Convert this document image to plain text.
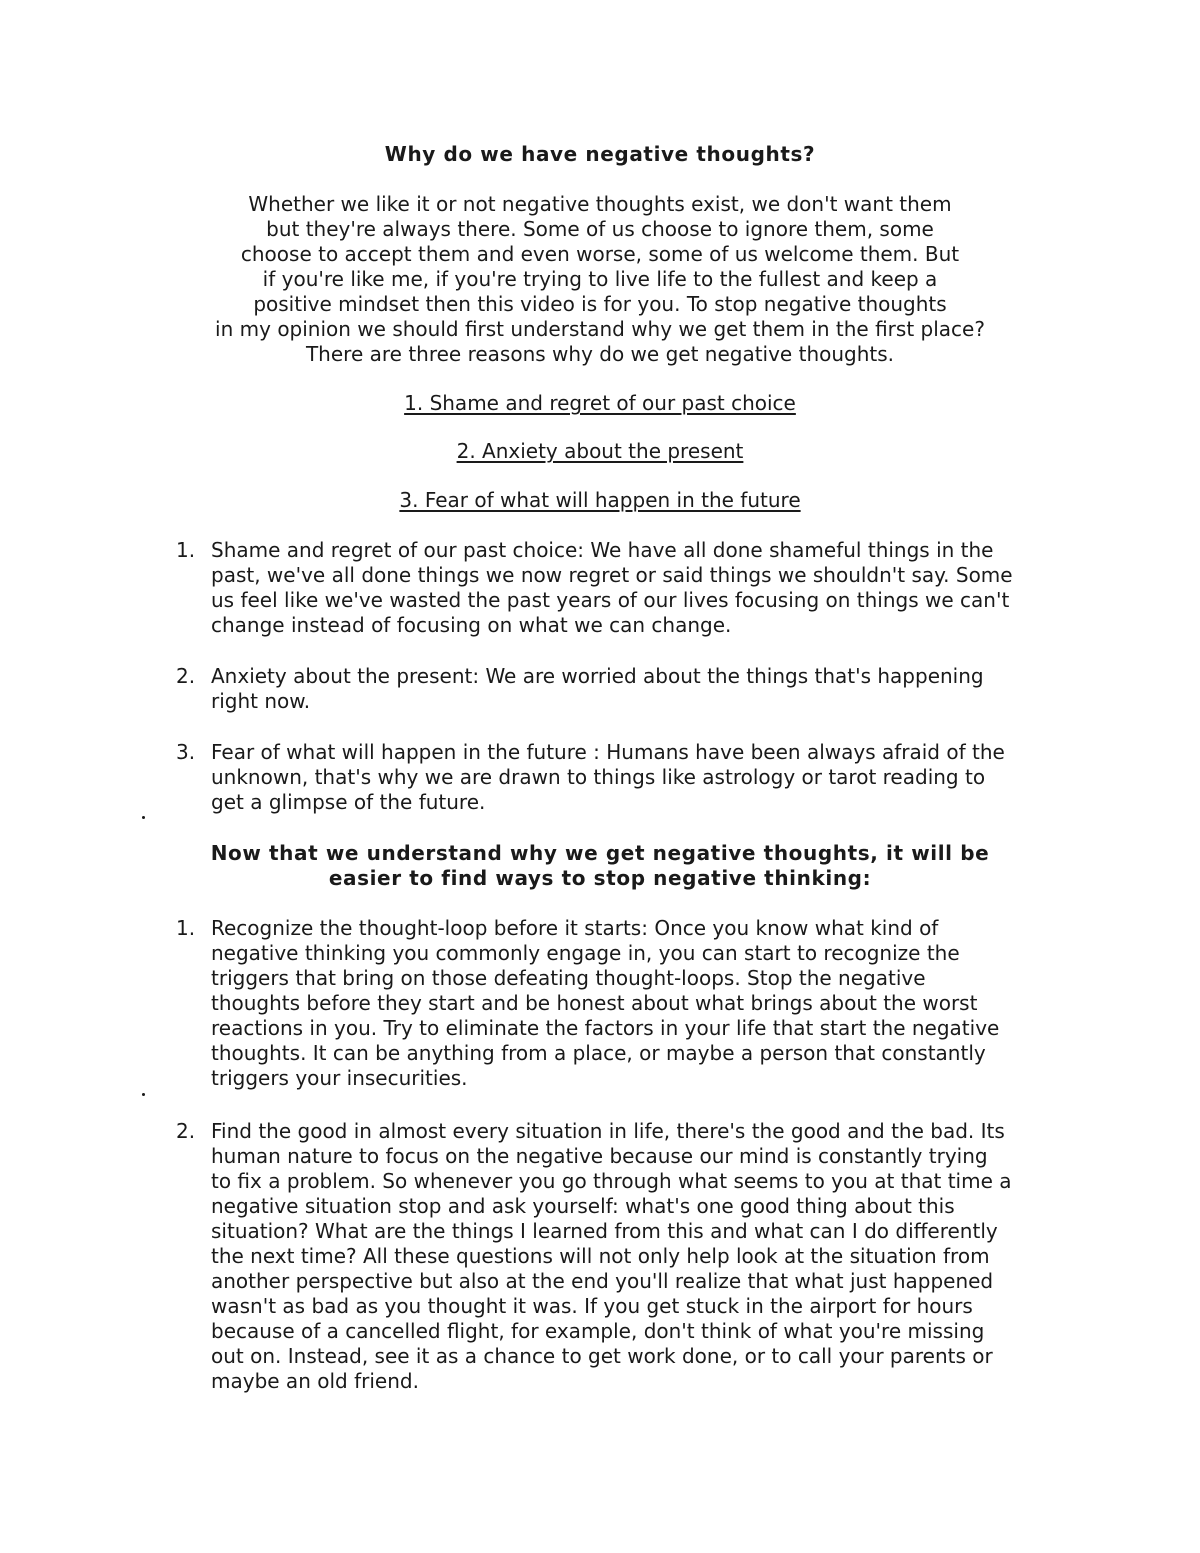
Why do we have negative thoughts?
Whether we like it or not negative thoughts exist, we don't want them
but they're always there. Some of us choose to ignore them, some
choose to accept them and even worse, some of us welcome them. But
if you're like me, if you're trying to live life to the fullest and keep a
positive mindset then this video is for you. To stop negative thoughts
in my opinion we should first understand why we get them in the first place?
There are three reasons why do we get negative thoughts.
1. Shame and regret of our past choice
2. Anxiety about the present
3. Fear of what will happen in the future
1. Shame and regret of our past choice: We have all done shameful things in the
past, we've all done things we now regret or said things we shouldn't say. Some
us feel like we've wasted the past years of our lives focusing on things we can't
change instead of focusing on what we can change.
2. Anxiety about the present: We are worried about the things that's happening
right now.
3. Fear of what will happen in the future : Humans have been always afraid of the
unknown, that's why we are drawn to things like astrology or tarot reading to
get a glimpse of the future.
Now that we understand why we get negative thoughts, it will be
easier to find ways to stop negative thinking:
1. Recognize the thought-loop before it starts: Once you know what kind of
negative thinking you commonly engage in, you can start to recognize the
triggers that bring on those defeating thought-loops. Stop the negative
thoughts before they start and be honest about what brings about the worst
reactions in you. Try to eliminate the factors in your life that start the negative
thoughts. It can be anything from a place, or maybe a person that constantly
triggers your insecurities.
2. Find the good in almost every situation in life, there's the good and the bad. Its
human nature to focus on the negative because our mind is constantly trying
to fix a problem. So whenever you go through what seems to you at that time a
negative situation stop and ask yourself: what's one good thing about this
situation? What are the things I learned from this and what can I do differently
the next time? All these questions will not only help look at the situation from
another perspective but also at the end you'll realize that what just happened
wasn't as bad as you thought it was. If you get stuck in the airport for hours
because of a cancelled flight, for example, don't think of what you're missing
out on. Instead, see it as a chance to get work done, or to call your parents or
maybe an old friend.
